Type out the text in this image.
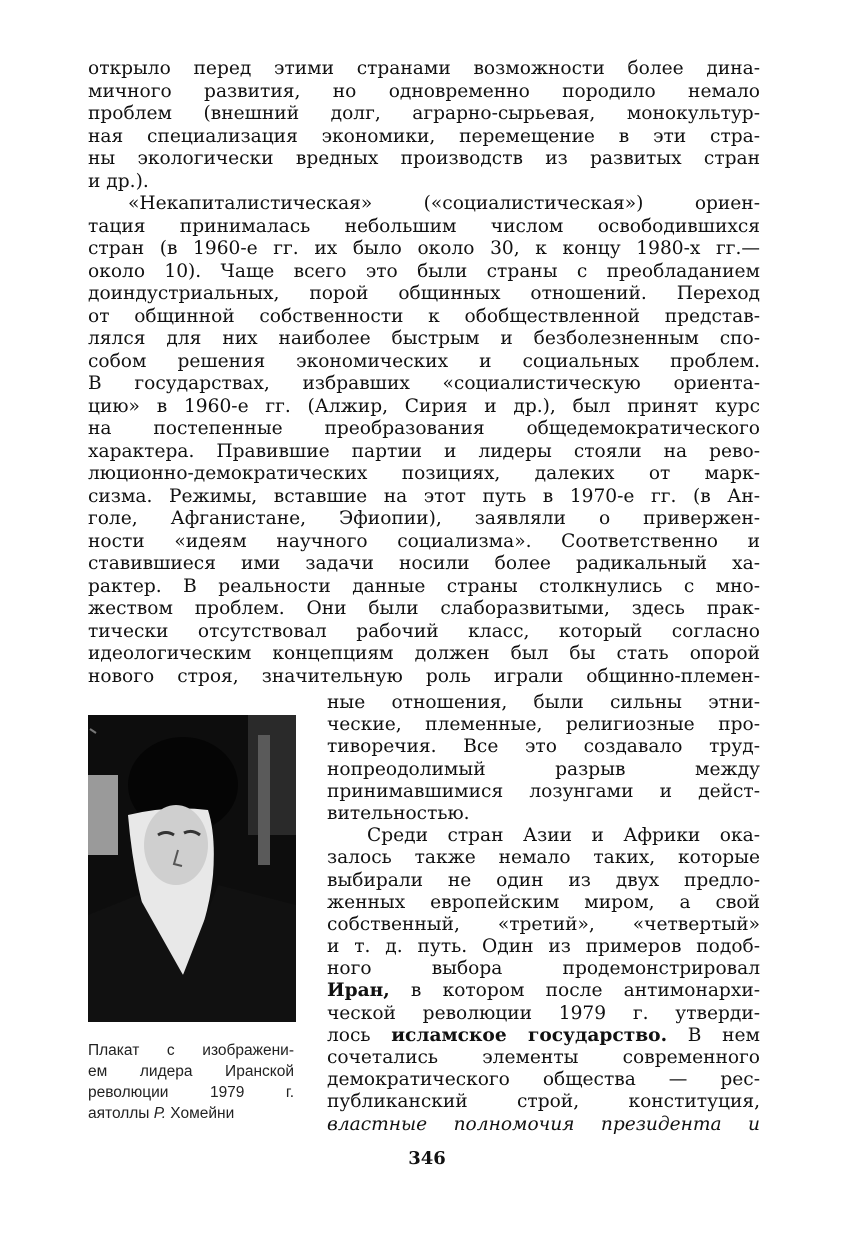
открыло перед этими странами возможности более дина-
мичного развития, но одновременно породило немало
проблем (внешний долг, аграрно-сырьевая, монокультур-
ная специализация экономики, перемещение в эти стра-
ны экологически вредных производств из развитых стран
и др.).
«Некапиталистическая» («социалистическая») ориен-
тация принималась небольшим числом освободившихся
стран (в 1960-е гг. их было около 30, к концу 1980-х гг.—
около 10). Чаще всего это были страны с преобладанием
доиндустриальных, порой общинных отношений. Переход
от общинной собственности к обобществленной представ-
лялся для них наиболее быстрым и безболезненным спо-
собом решения экономических и социальных проблем.
В государствах, избравших «социалистическую ориента-
цию» в 1960-е гг. (Алжир, Сирия и др.), был принят курс
на постепенные преобразования общедемократического
характера. Правившие партии и лидеры стояли на рево-
люционно-демократических позициях, далеких от марк-
сизма. Режимы, вставшие на этот путь в 1970-е гг. (в Ан-
голе, Афганистане, Эфиопии), заявляли о привержен-
ности «идеям научного социализма». Соответственно и
ставившиеся ими задачи носили более радикальный ха-
рактер. В реальности данные страны столкнулись с мно-
жеством проблем. Они были слаборазвитыми, здесь прак-
тически отсутствовал рабочий класс, который согласно
идеологическим концепциям должен был бы стать опорой
нового строя, значительную роль играли общинно-племен-
Плакат с изображени-
ем лидера Иранской
революции 1979 г.
аятоллы Р. Хомейни
ные отношения, были сильны этни-
ческие, племенные, религиозные про-
тиворечия. Все это создавало труд-
нопреодолимый разрыв между
принимавшимися лозунгами и дейст-
вительностью.
Среди стран Азии и Африки ока-
залось также немало таких, которые
выбирали не один из двух предло-
женных европейским миром, а свой
собственный, «третий», «четвертый»
и т. д. путь. Один из примеров подоб-
ного выбора продемонстрировал
Иран, в котором после антимонархи-
ческой революции 1979 г. утверди-
лось исламское государство. В нем
сочетались элементы современного
демократического общества — рес-
публиканский строй, конституция,
властные полномочия президента и
346
